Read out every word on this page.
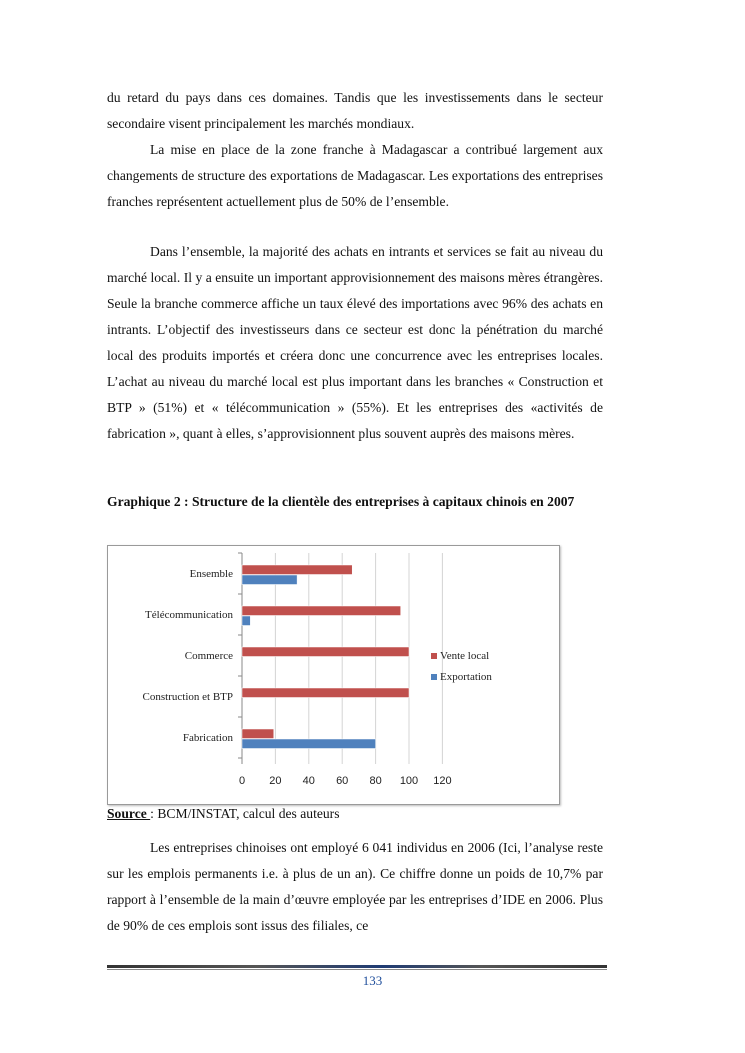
du retard du pays dans ces domaines. Tandis que les investissements dans le secteur secondaire visent principalement les marchés mondiaux.

La mise en place de la zone franche à Madagascar a contribué largement aux changements de structure des exportations de Madagascar. Les exportations des entreprises franches représentent actuellement plus de 50% de l’ensemble.

Dans l’ensemble, la majorité des achats en intrants et services se fait au niveau du marché local. Il y a ensuite un important approvisionnement des maisons mères étrangères. Seule la branche commerce affiche un taux élevé des importations avec 96% des achats en intrants. L’objectif des investisseurs dans ce secteur est donc la pénétration du marché local des produits importés et créera donc une concurrence avec les entreprises locales. L’achat au niveau du marché local est plus important dans les branches « Construction et BTP » (51%) et « télécommunication » (55%). Et les entreprises des «activités de fabrication », quant à elles, s’approvisionnent plus souvent auprès des maisons mères.

Graphique 2 : Structure de la clientèle des entreprises à capitaux chinois en 2007
0 20 40 60 80 100 120
Ensemble
Télécommunication
Commerce
Construction et BTP
Fabrication
Vente local
Exportation
Source : BCM/INSTAT, calcul des auteurs

Les entreprises chinoises ont employé 6 041 individus en 2006 (Ici, l’analyse reste sur les emplois permanents i.e. à plus de un an). Ce chiffre donne un poids de 10,7% par rapport à l’ensemble de la main d’œuvre employée par les entreprises d’IDE en 2006. Plus de 90% de ces emplois sont issus des filiales, ce

133
